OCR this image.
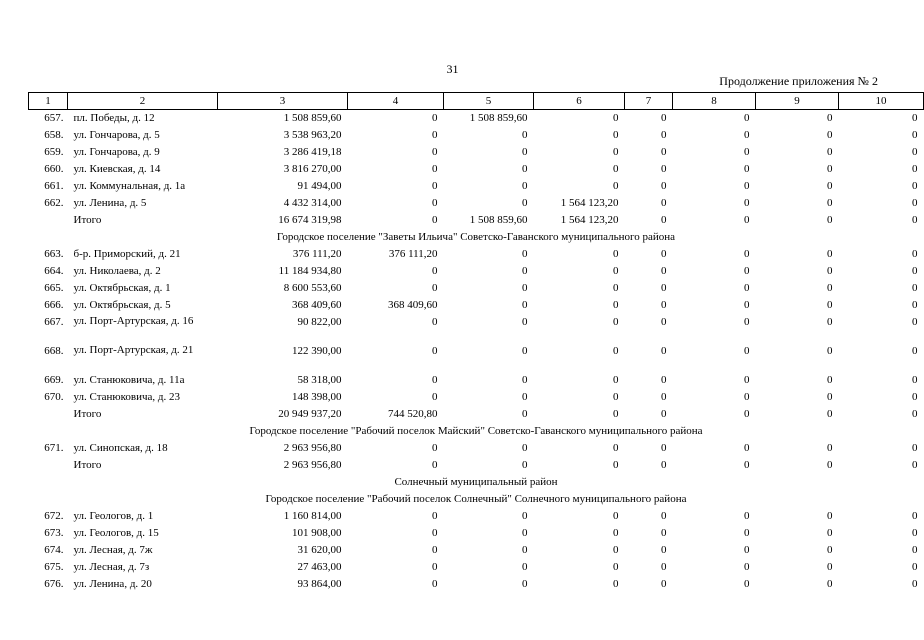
31
Продолжение приложения № 2
1	2	3	4	5	6	7	8	9	10
657.	пл. Победы, д. 12	1 508 859,60	0	1 508 859,60	0	0	0	0	0
658.	ул. Гончарова, д. 5	3 538 963,20	0	0	0	0	0	0	0
659.	ул. Гончарова, д. 9	3 286 419,18	0	0	0	0	0	0	0
660.	ул. Киевская, д. 14	3 816 270,00	0	0	0	0	0	0	0
661.	ул. Коммунальная, д. 1а	91 494,00	0	0	0	0	0	0	0
662.	ул. Ленина, д. 5	4 432 314,00	0	0	1 564 123,20	0	0	0	0
	Итого	16 674 319,98	0	1 508 859,60	1 564 123,20	0	0	0	0
Городское поселение "Заветы Ильича" Советско-Гаванского муниципального района									
663.	б-р. Приморский, д. 21	376 111,20	376 111,20	0	0	0	0	0	0
664.	ул. Николаева, д. 2	11 184 934,80	0	0	0	0	0	0	0
665.	ул. Октябрьская, д. 1	8 600 553,60	0	0	0	0	0	0	0
666.	ул. Октябрьская, д. 5	368 409,60	368 409,60	0	0	0	0	0	0
667.	ул. Порт-Артурская, д. 16	90 822,00	0	0	0	0	0	0	0
668.	ул. Порт-Артурская, д. 21	122 390,00	0	0	0	0	0	0	0
669.	ул. Станюковича, д. 11а	58 318,00	0	0	0	0	0	0	0
670.	ул. Станюковича, д. 23	148 398,00	0	0	0	0	0	0	0
	Итого	20 949 937,20	744 520,80	0	0	0	0	0	0
Городское поселение "Рабочий поселок Майский" Советско-Гаванского муниципального района									
671.	ул. Синопская, д. 18	2 963 956,80	0	0	0	0	0	0	0
	Итого	2 963 956,80	0	0	0	0	0	0	0
Солнечный муниципальный район									
Городское поселение "Рабочий поселок Солнечный" Солнечного муниципального района									
672.	ул. Геологов, д. 1	1 160 814,00	0	0	0	0	0	0	0
673.	ул. Геологов, д. 15	101 908,00	0	0	0	0	0	0	0
674.	ул. Лесная, д. 7ж	31 620,00	0	0	0	0	0	0	0
675.	ул. Лесная, д. 7з	27 463,00	0	0	0	0	0	0	0
676.	ул. Ленина, д. 20	93 864,00	0	0	0	0	0	0	0
